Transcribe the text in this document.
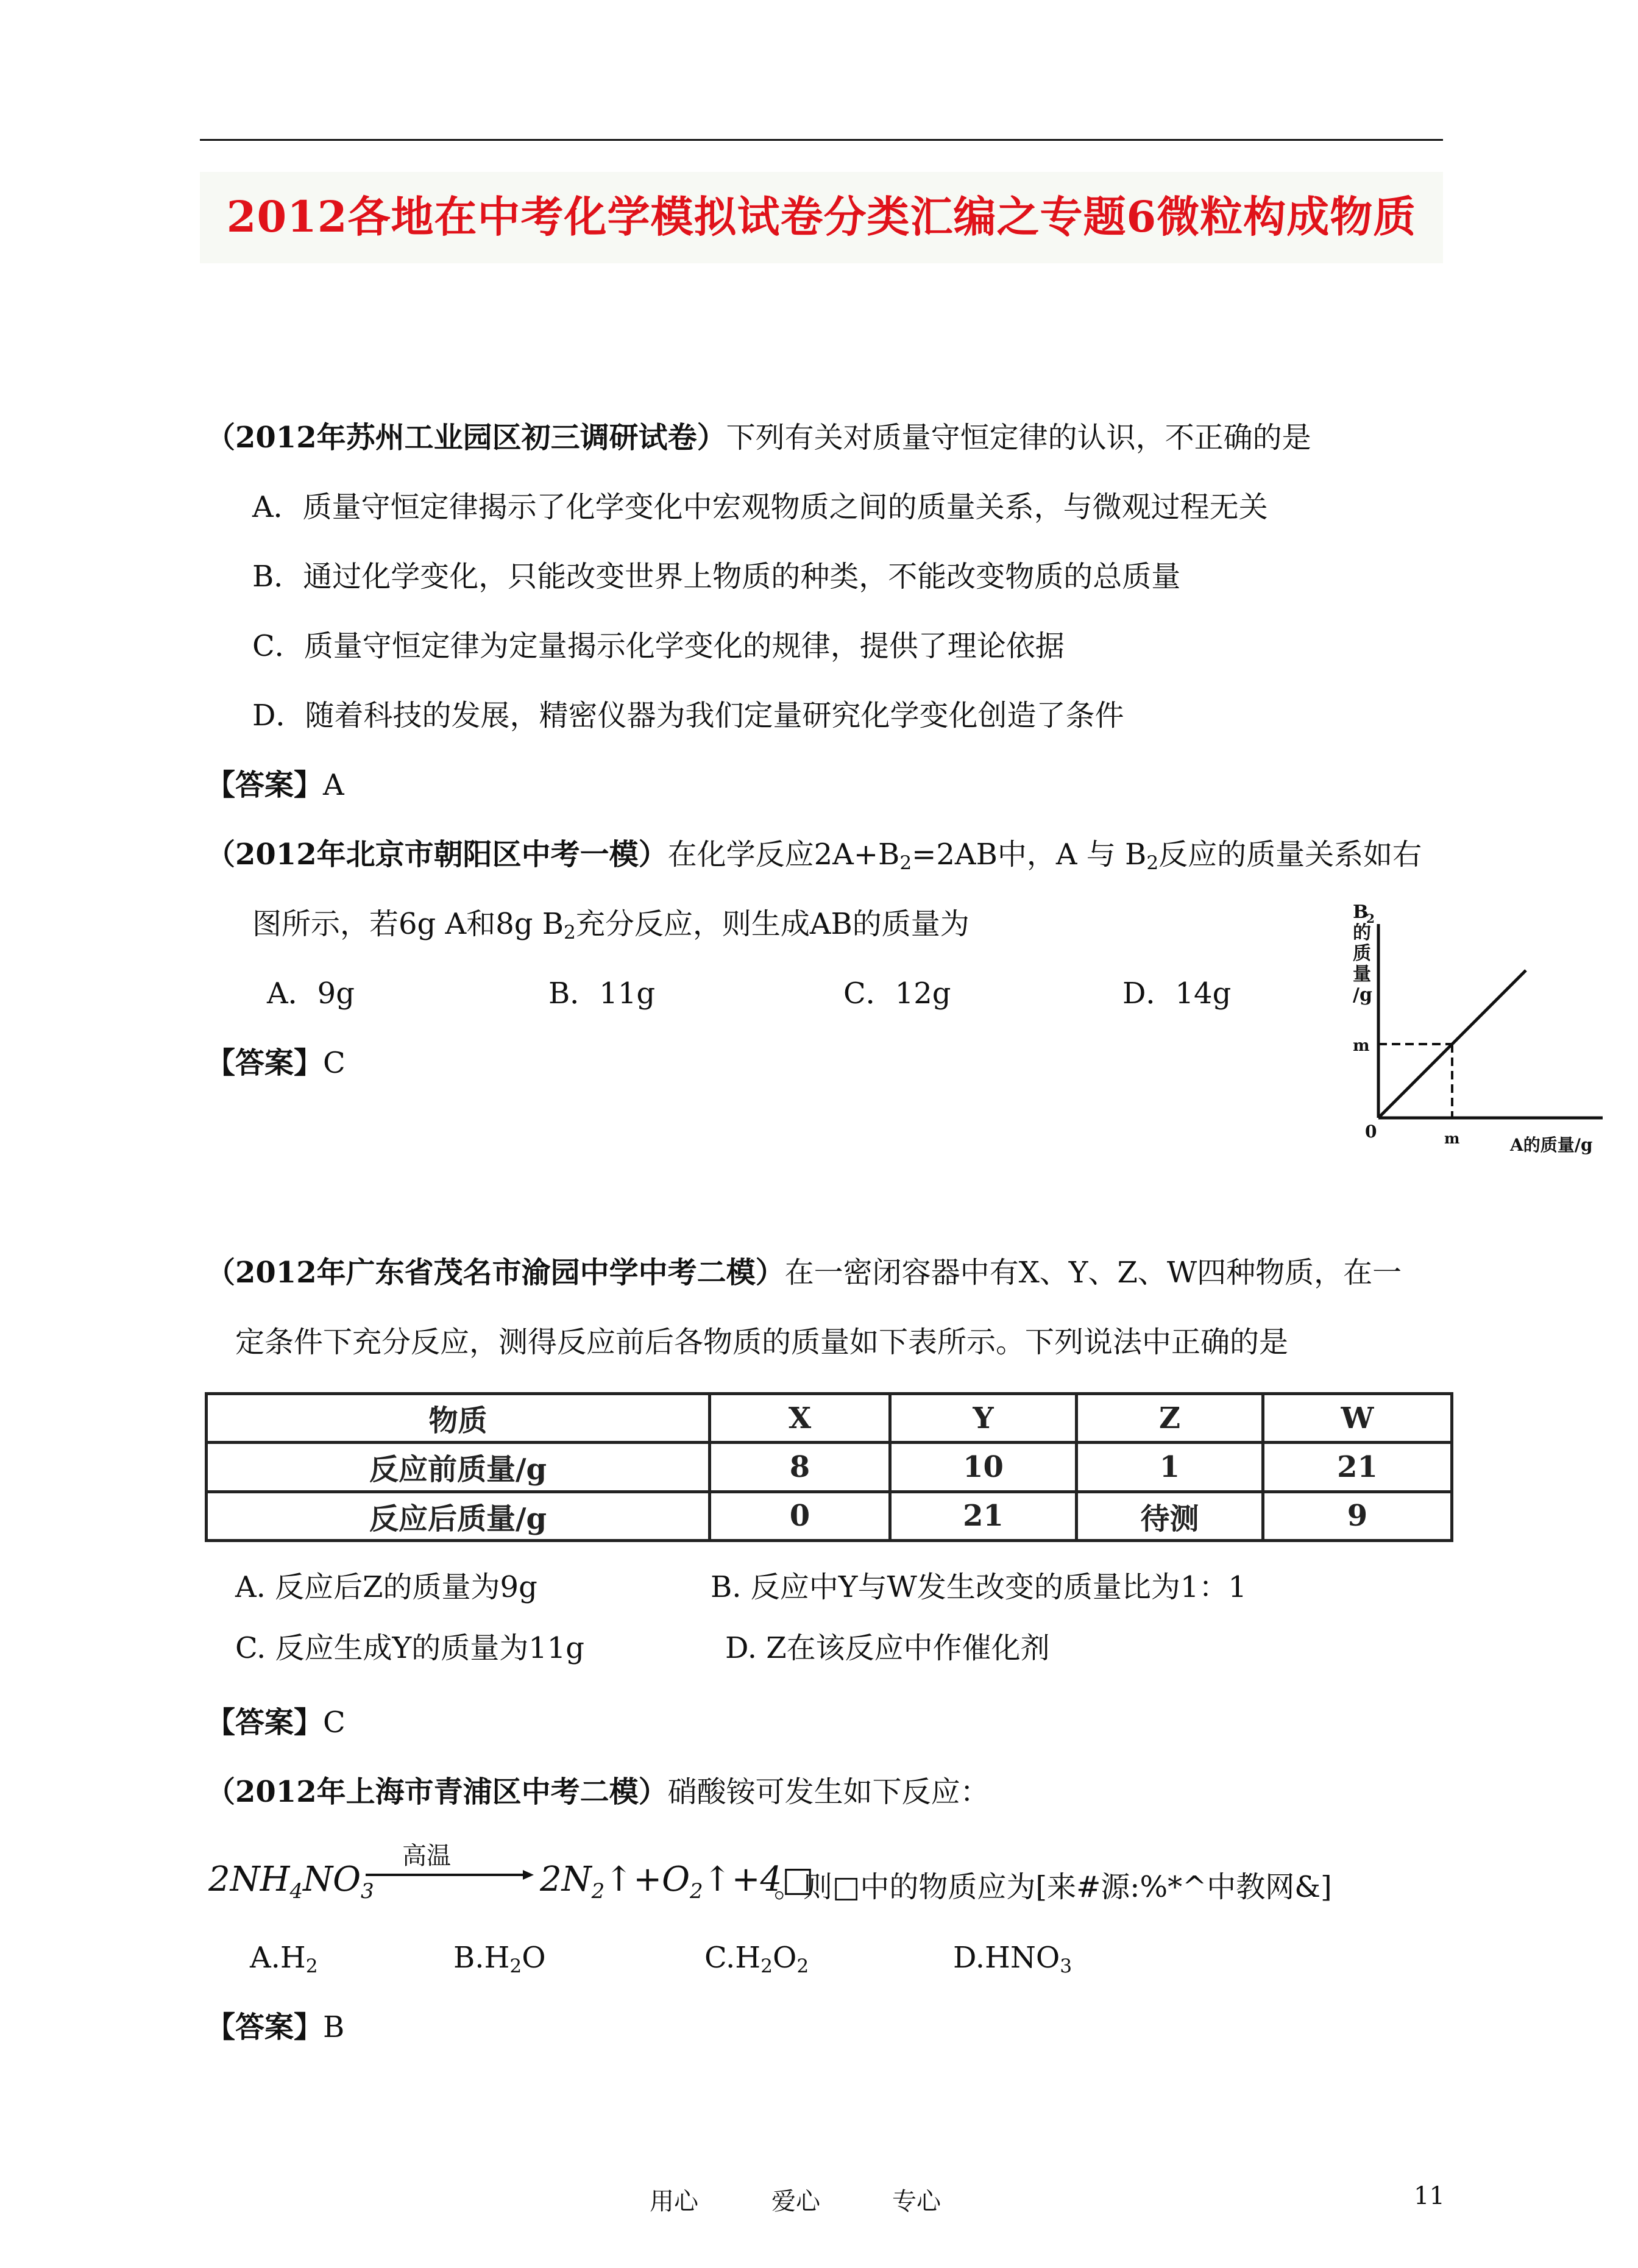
2012各地在中考化学模拟试卷分类汇编之专题6微粒构成物质
（2012年苏州工业园区初三调研试卷）下列有关对质量守恒定律的认识，不正确的是
A．质量守恒定律揭示了化学变化中宏观物质之间的质量关系，与微观过程无关
B．通过化学变化，只能改变世界上物质的种类，不能改变物质的总质量
C．质量守恒定律为定量揭示化学变化的规律，提供了理论依据
D．随着科技的发展，精密仪器为我们定量研究化学变化创造了条件
【答案】A
（2012年北京市朝阳区中考一模）在化学反应$2A+B_2=2AB$中，A 与 $B_2$反应的质量关系如右
图所示，若6g A和8g $B_2$充分反应，则生成AB的质量为
A．9g	B．11g	C．12g	D．14g
【答案】C
B
2
的
质
量
/g
m
m
0
A的质量/g
（2012年广东省茂名市渝园中学中考二模）在一密闭容器中有X、Y、Z、W四种物质，在一
定条件下充分反应，测得反应前后各物质的质量如下表所示。下列说法中正确的是
物质	X	Y	Z	W
反应前质量/g	8	10	1	21
反应后质量/g	0	21	待测	9
A. 反应后Z的质量为9g	B. 反应中Y与W发生改变的质量比为1：1
C. 反应生成Y的质量为11g	D. Z在该反应中作催化剂
【答案】C
（2012年上海市青浦区中考二模）硝酸铵可发生如下反应：
$2NH_4NO_3$
高温
$2N_2↑+O_2↑+4□$
。则□中的物质应为[来#源:%*^中教网&]
$A.H_2$	$B.H_2O$	$C.H_2O_2$	$D.HNO_3$
【答案】B
用心	爱心	专心	11
